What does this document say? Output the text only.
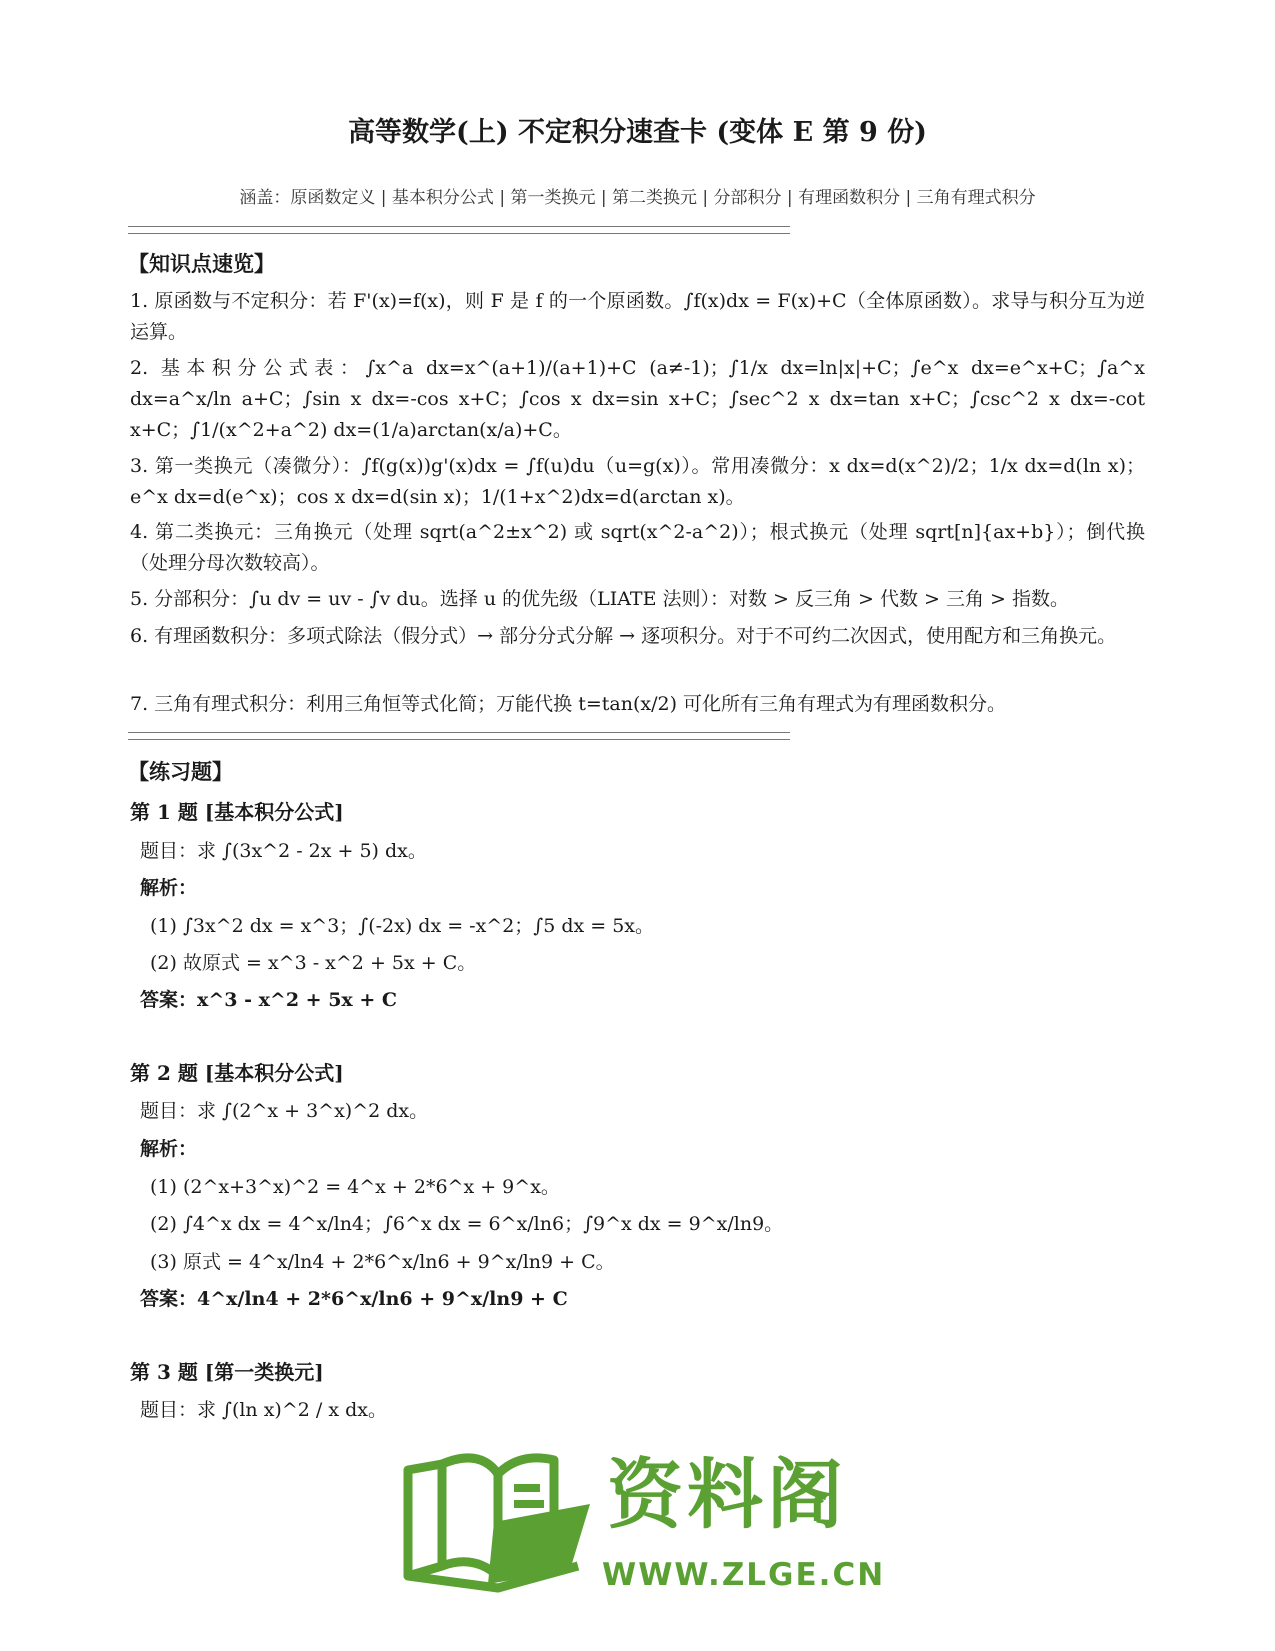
高等数学(上) 不定积分速查卡 (变体 E 第 9 份)

涵盖：原函数定义 | 基本积分公式 | 第一类换元 | 第二类换元 | 分部积分 | 有理函数积分 | 三角有理式积分

【知识点速览】

1. 原函数与不定积分：若 F'(x)=f(x)，则 F 是 f 的一个原函数。∫f(x)dx = F(x)+C（全体原函数）。求导与积分互为逆运算。

2. 基本积分公式表：∫x^a dx=x^(a+1)/(a+1)+C (a≠-1)；∫1/x dx=ln|x|+C；∫e^x dx=e^x+C；∫a^x dx=a^x/ln a+C；∫sin x dx=-cos x+C；∫cos x dx=sin x+C；∫sec^2 x dx=tan x+C；∫csc^2 x dx=-cot x+C；∫1/(x^2+a^2) dx=(1/a)arctan(x/a)+C。

3. 第一类换元（凑微分）：∫f(g(x))g'(x)dx = ∫f(u)du（u=g(x)）。常用凑微分：x dx=d(x^2)/2；1/x dx=d(ln x)；e^x dx=d(e^x)；cos x dx=d(sin x)；1/(1+x^2)dx=d(arctan x)。

4. 第二类换元：三角换元（处理 sqrt(a^2±x^2) 或 sqrt(x^2-a^2)）；根式换元（处理 sqrt[n]{ax+b}）；倒代换（处理分母次数较高）。

5. 分部积分：∫u dv = uv - ∫v du。选择 u 的优先级（LIATE 法则）：对数 > 反三角 > 代数 > 三角 > 指数。

6. 有理函数积分：多项式除法（假分式）→ 部分分式分解 → 逐项积分。对于不可约二次因式，使用配方和三角换元。

7. 三角有理式积分：利用三角恒等式化简；万能代换 t=tan(x/2) 可化所有三角有理式为有理函数积分。

【练习题】
第 1 题 [基本积分公式]

题目：求 ∫(3x^2 - 2x + 5) dx。

解析：

(1) ∫3x^2 dx = x^3；∫(-2x) dx = -x^2；∫5 dx = 5x。

(2) 故原式 = x^3 - x^2 + 5x + C。

答案：x^3 - x^2 + 5x + C

第 2 题 [基本积分公式]

题目：求 ∫(2^x + 3^x)^2 dx。

解析：

(1) (2^x+3^x)^2 = 4^x + 2*6^x + 9^x。

(2) ∫4^x dx = 4^x/ln4；∫6^x dx = 6^x/ln6；∫9^x dx = 9^x/ln9。

(3) 原式 = 4^x/ln4 + 2*6^x/ln6 + 9^x/ln9 + C。

答案：4^x/ln4 + 2*6^x/ln6 + 9^x/ln9 + C

第 3 题 [第一类换元]

题目：求 ∫(ln x)^2 / x dx。

资料阁

WWW.ZLGE.CN
